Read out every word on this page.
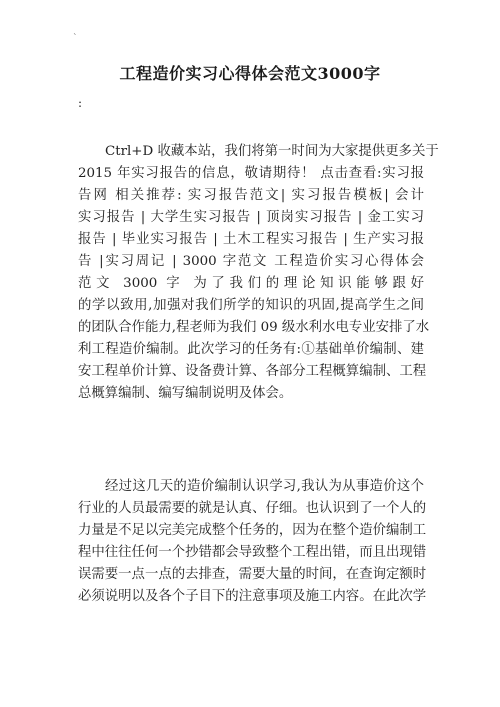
`
工程造价实习心得体会范文3000字
:
Ctrl+D 收藏本站，我们将第一时间为大家提供更多关于
2015 年实习报告的信息，敬请期待！ 点击查看:实习报
告网 相关推荐: 实习报告范文| 实习报告模板| 会计
实习报告 | 大学生实习报告 | 顶岗实习报告 | 金工实习
报告 | 毕业实习报告 | 土木工程实习报告 | 生产实习报
告 |实习周记 | 3000 字范文 工程造价实习心得体会
范文 3000 字 为了我们的理论知识能够跟好
的学以致用,加强对我们所学的知识的巩固,提高学生之间
的团队合作能力,程老师为我们 09 级水利水电专业安排了水
利工程造价编制。此次学习的任务有:①基础单价编制、建
安工程单价计算、设备费计算、各部分工程概算编制、工程
总概算编制、编写编制说明及体会。
经过这几天的造价编制认识学习,我认为从事造价这个
行业的人员最需要的就是认真、仔细。也认识到了一个人的
力量是不足以完美完成整个任务的，因为在整个造价编制工
程中往往任何一个抄错都会导致整个工程出错，而且出现错
误需要一点一点的去排查，需要大量的时间，在查询定额时
必须说明以及各个子目下的注意事项及施工内容。在此次学
